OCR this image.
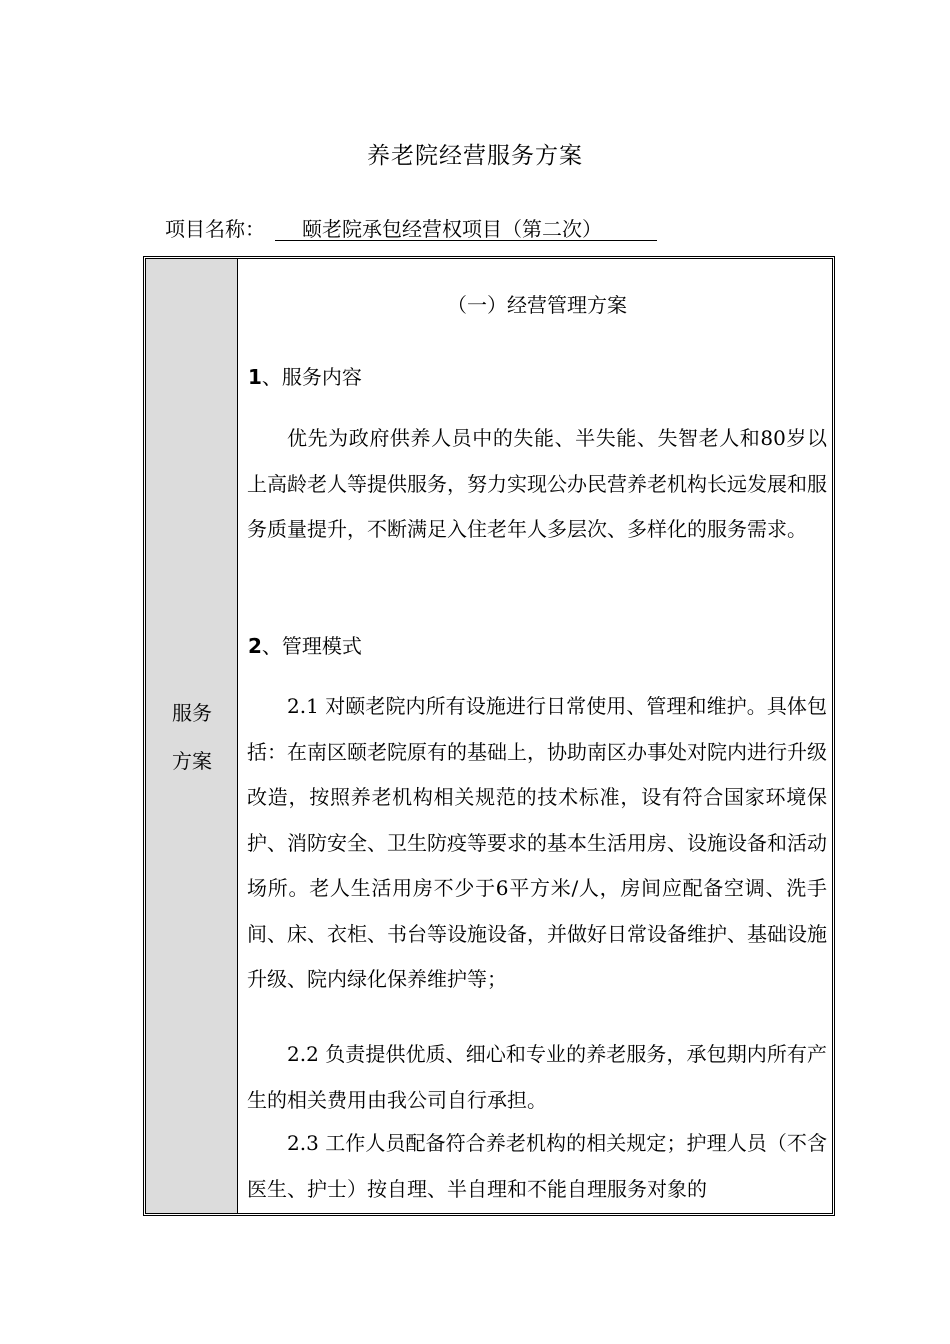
养老院经营服务方案
项目名称：	颐老院承包经营权项目（第二次）
服务
方案
（一）经营管理方案
1、服务内容

优先为政府供养人员中的失能、半失能、失智老人和80岁以上高龄老人等提供服务，努力实现公办民营养老机构长远发展和服务质量提升，不断满足入住老年人多层次、多样化的服务需求。

2、管理模式

2.1 对颐老院内所有设施进行日常使用、管理和维护。具体包括：在南区颐老院原有的基础上，协助南区办事处对院内进行升级改造，按照养老机构相关规范的技术标准，设有符合国家环境保护、消防安全、卫生防疫等要求的基本生活用房、设施设备和活动场所。老人生活用房不少于6平方米/人，房间应配备空调、洗手间、床、衣柜、书台等设施设备，并做好日常设备维护、基础设施升级、院内绿化保养维护等；

2.2 负责提供优质、细心和专业的养老服务，承包期内所有产生的相关费用由我公司自行承担。

2.3 工作人员配备符合养老机构的相关规定；护理人员（不含医生、护士）按自理、半自理和不能自理服务对象的
